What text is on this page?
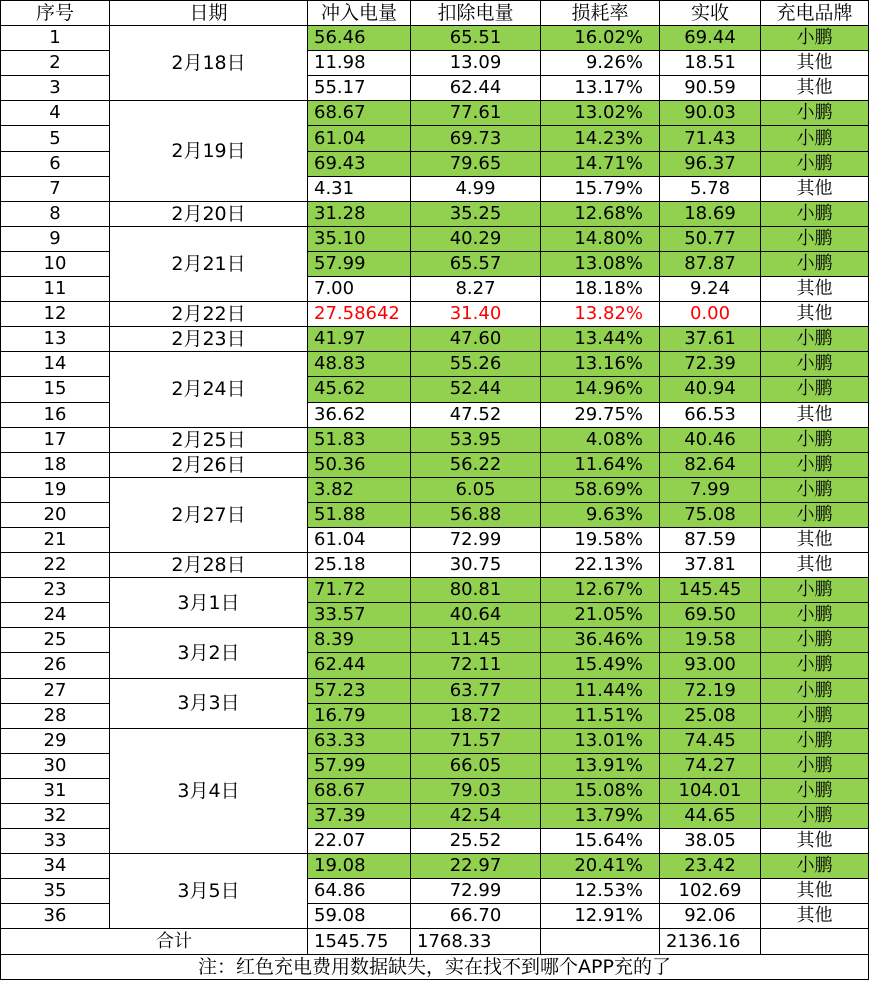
序号	日期	冲入电量	扣除电量	损耗率	实收	充电品牌
1	2月18日	56.46	65.51	16.02%	69.44	小鹏
2		11.98	13.09	9.26%	18.51	其他
3		55.17	62.44	13.17%	90.59	其他
4	2月19日	68.67	77.61	13.02%	90.03	小鹏
5		61.04	69.73	14.23%	71.43	小鹏
6		69.43	79.65	14.71%	96.37	小鹏
7		4.31	4.99	15.79%	5.78	其他
8	2月20日	31.28	35.25	12.68%	18.69	小鹏
9	2月21日	35.10	40.29	14.80%	50.77	小鹏
10		57.99	65.57	13.08%	87.87	小鹏
11		7.00	8.27	18.18%	9.24	其他
12	2月22日	27.58642	31.40	13.82%	0.00	其他
13	2月23日	41.97	47.60	13.44%	37.61	小鹏
14	2月24日	48.83	55.26	13.16%	72.39	小鹏
15		45.62	52.44	14.96%	40.94	小鹏
16		36.62	47.52	29.75%	66.53	其他
17	2月25日	51.83	53.95	4.08%	40.46	小鹏
18	2月26日	50.36	56.22	11.64%	82.64	小鹏
19	2月27日	3.82	6.05	58.69%	7.99	小鹏
20		51.88	56.88	9.63%	75.08	小鹏
21		61.04	72.99	19.58%	87.59	其他
22	2月28日	25.18	30.75	22.13%	37.81	其他
23	3月1日	71.72	80.81	12.67%	145.45	小鹏
24		33.57	40.64	21.05%	69.50	小鹏
25	3月2日	8.39	11.45	36.46%	19.58	小鹏
26		62.44	72.11	15.49%	93.00	小鹏
27	3月3日	57.23	63.77	11.44%	72.19	小鹏
28		16.79	18.72	11.51%	25.08	小鹏
29	3月4日	63.33	71.57	13.01%	74.45	小鹏
30		57.99	66.05	13.91%	74.27	小鹏
31		68.67	79.03	15.08%	104.01	小鹏
32		37.39	42.54	13.79%	44.65	小鹏
33		22.07	25.52	15.64%	38.05	其他
34	3月5日	19.08	22.97	20.41%	23.42	小鹏
35		64.86	72.99	12.53%	102.69	其他
36		59.08	66.70	12.91%	92.06	其他
合计		1545.75	1768.33		2136.16	
注：红色充电费用数据缺失，实在找不到哪个APP充的了						
